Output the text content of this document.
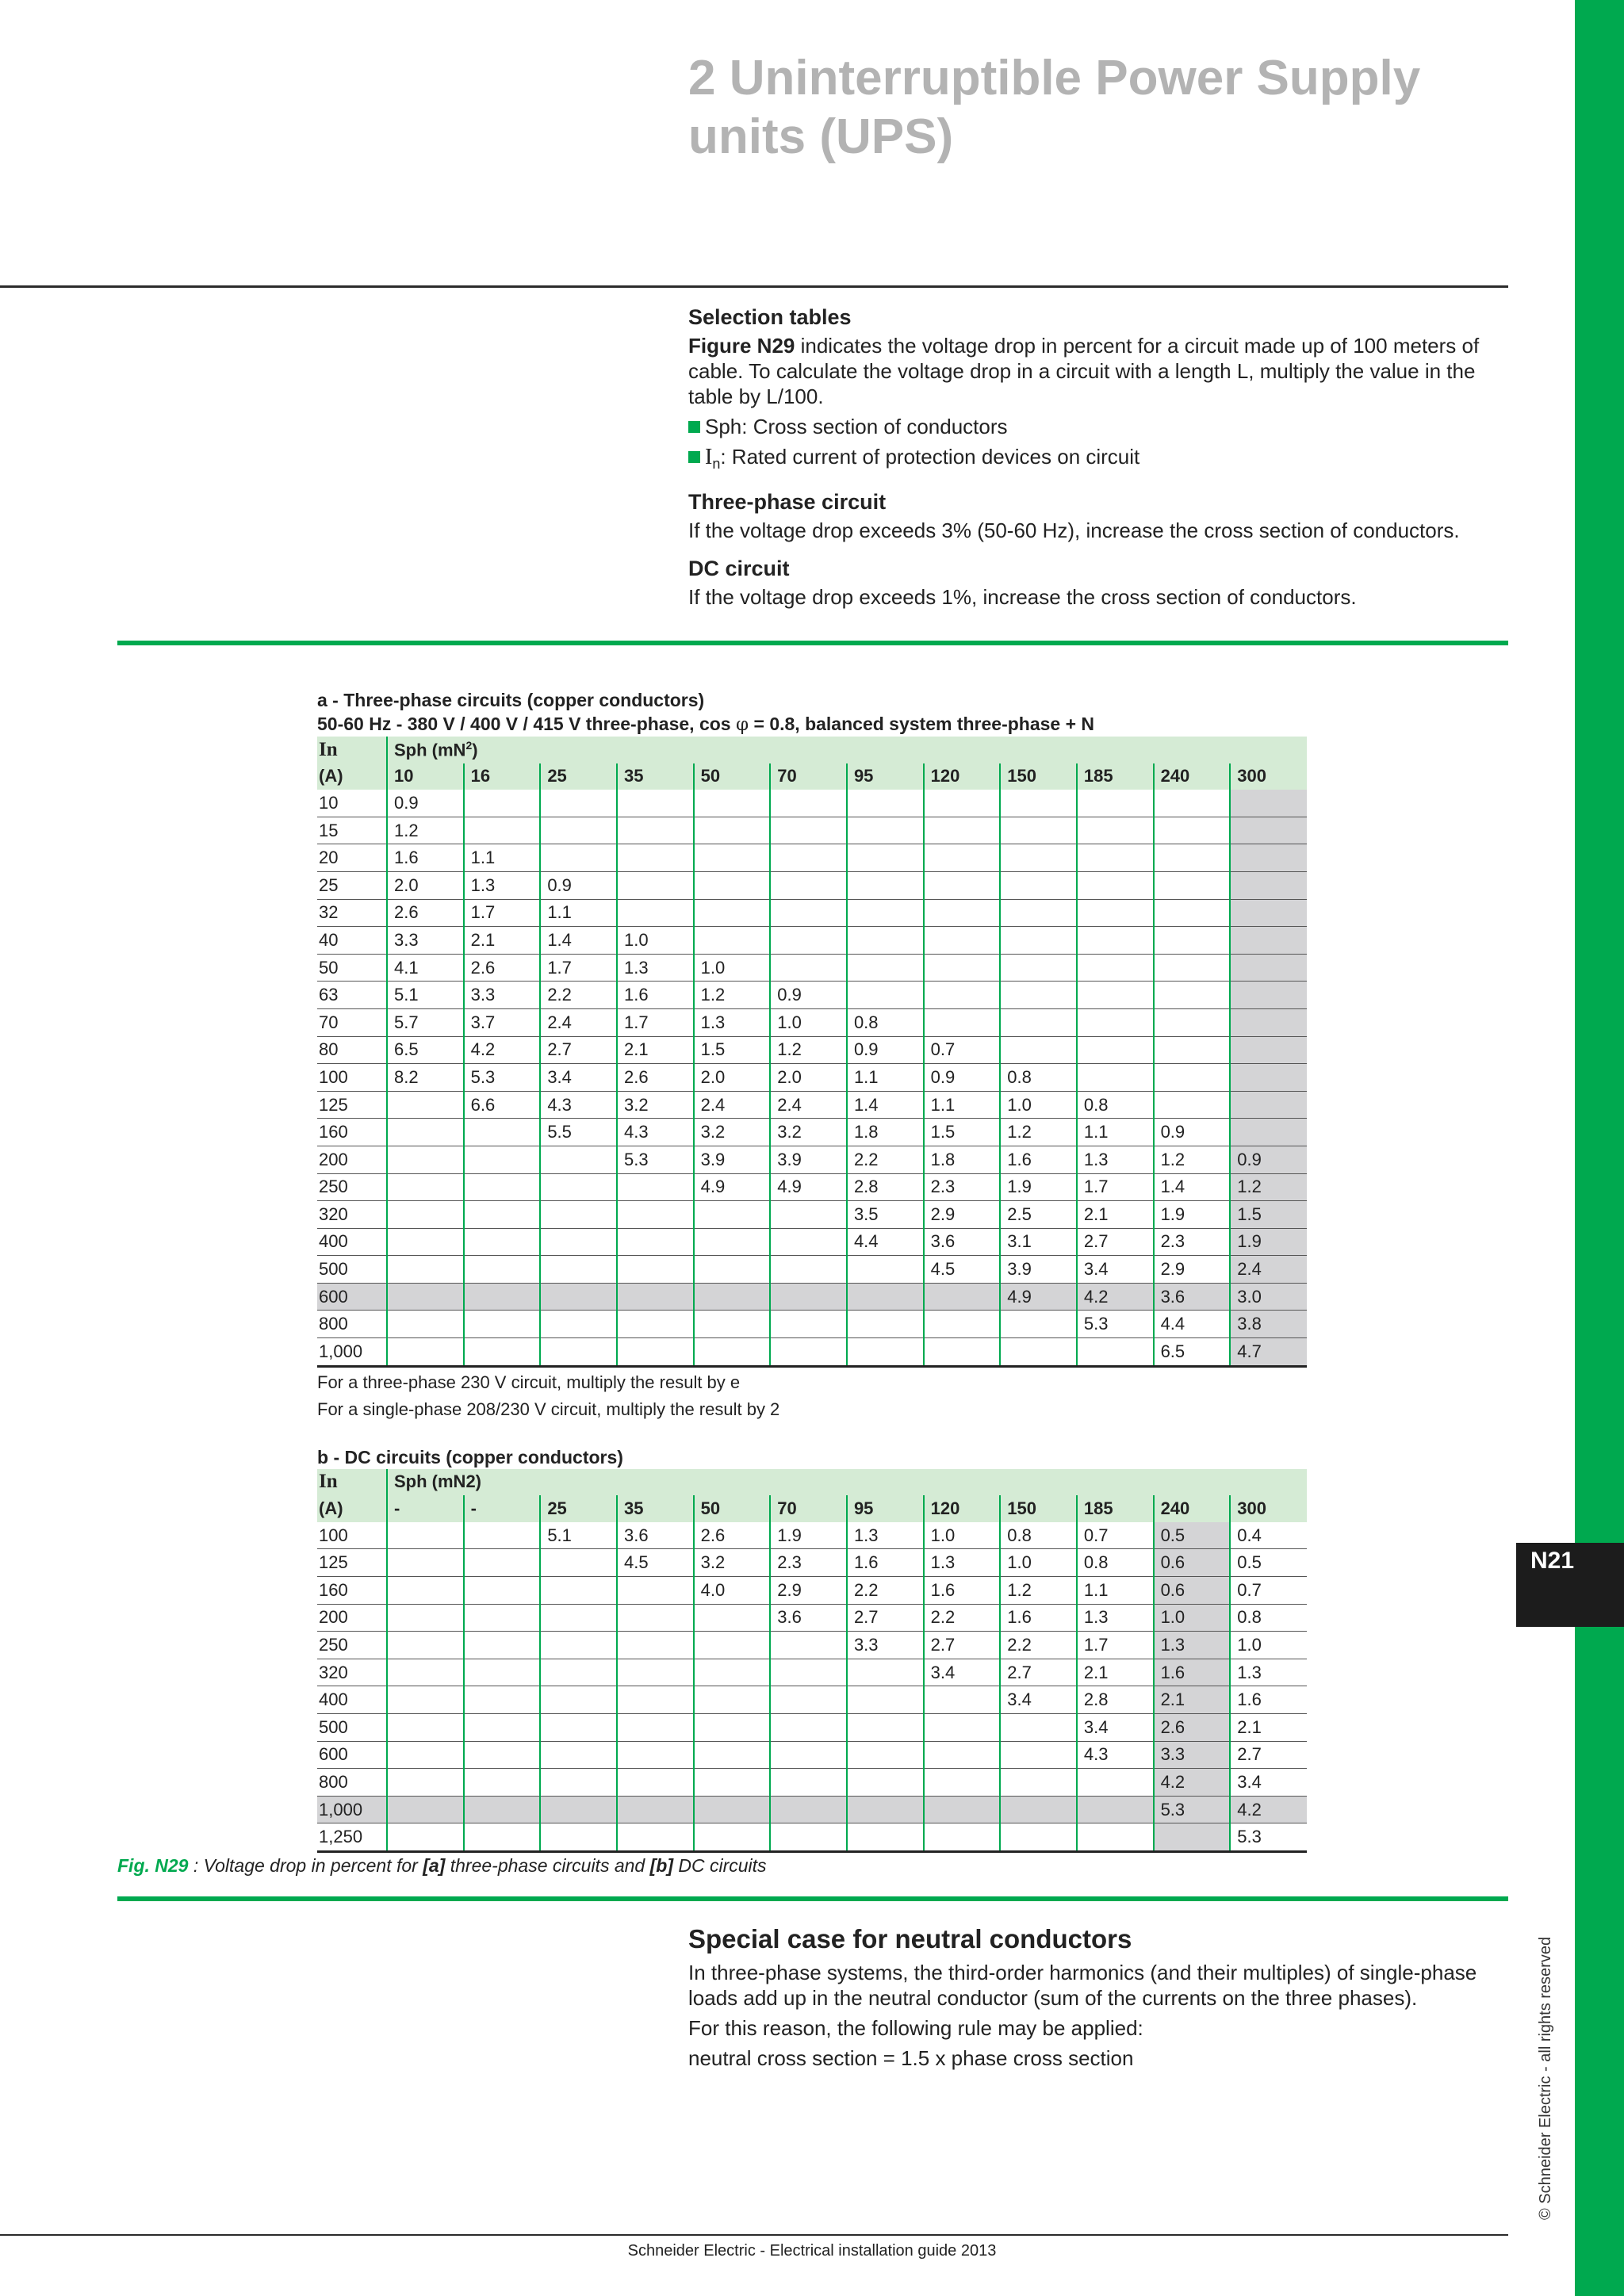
N21
© Schneider Electric - all rights reserved
2 Uninterruptible Power Supply
units (UPS)
Selection tables

Figure N29 indicates the voltage drop in percent for a circuit made up of 100 meters of cable. To calculate the voltage drop in a circuit with a length L, multiply the value in the table by L/100.

Sph: Cross section of conductors

$I_n$: Rated current of protection devices on circuit

Three-phase circuit

If the voltage drop exceeds 3% (50-60 Hz), increase the cross section of conductors.

DC circuit

If the voltage drop exceeds 1%, increase the cross section of conductors.

a - Three-phase circuits (copper conductors)
50-60 Hz - 380 V / 400 V / 415 V three-phase, cos φ = 0.8, balanced system three-phase + N
In	Sph $(mN^2)$											
(A)	10	16	25	35	50	70	95	120	150	185	240	300
10	0.9											
15	1.2											
20	1.6	1.1										
25	2.0	1.3	0.9									
32	2.6	1.7	1.1									
40	3.3	2.1	1.4	1.0								
50	4.1	2.6	1.7	1.3	1.0							
63	5.1	3.3	2.2	1.6	1.2	0.9						
70	5.7	3.7	2.4	1.7	1.3	1.0	0.8					
80	6.5	4.2	2.7	2.1	1.5	1.2	0.9	0.7				
100	8.2	5.3	3.4	2.6	2.0	2.0	1.1	0.9	0.8			
125		6.6	4.3	3.2	2.4	2.4	1.4	1.1	1.0	0.8		
160			5.5	4.3	3.2	3.2	1.8	1.5	1.2	1.1	0.9	
200				5.3	3.9	3.9	2.2	1.8	1.6	1.3	1.2	0.9
250					4.9	4.9	2.8	2.3	1.9	1.7	1.4	1.2
320							3.5	2.9	2.5	2.1	1.9	1.5
400							4.4	3.6	3.1	2.7	2.3	1.9
500								4.5	3.9	3.4	2.9	2.4
600									4.9	4.2	3.6	3.0
800										5.3	4.4	3.8
1,000											6.5	4.7
For a three-phase 230 V circuit, multiply the result by e
For a single-phase 208/230 V circuit, multiply the result by 2
b - DC circuits (copper conductors)
In	Sph (mN2)											
(A)	-	-	25	35	50	70	95	120	150	185	240	300
100			5.1	3.6	2.6	1.9	1.3	1.0	0.8	0.7	0.5	0.4
125				4.5	3.2	2.3	1.6	1.3	1.0	0.8	0.6	0.5
160					4.0	2.9	2.2	1.6	1.2	1.1	0.6	0.7
200						3.6	2.7	2.2	1.6	1.3	1.0	0.8
250							3.3	2.7	2.2	1.7	1.3	1.0
320								3.4	2.7	2.1	1.6	1.3
400									3.4	2.8	2.1	1.6
500										3.4	2.6	2.1
600										4.3	3.3	2.7
800											4.2	3.4
1,000											5.3	4.2
1,250												5.3
Fig. N29 : Voltage drop in percent for [a] three-phase circuits and [b] DC circuits
Special case for neutral conductors

In three-phase systems, the third-order harmonics (and their multiples) of single-phase loads add up in the neutral conductor (sum of the currents on the three phases).

For this reason, the following rule may be applied:

neutral cross section = 1.5 x phase cross section

Schneider Electric - Electrical installation guide 2013
